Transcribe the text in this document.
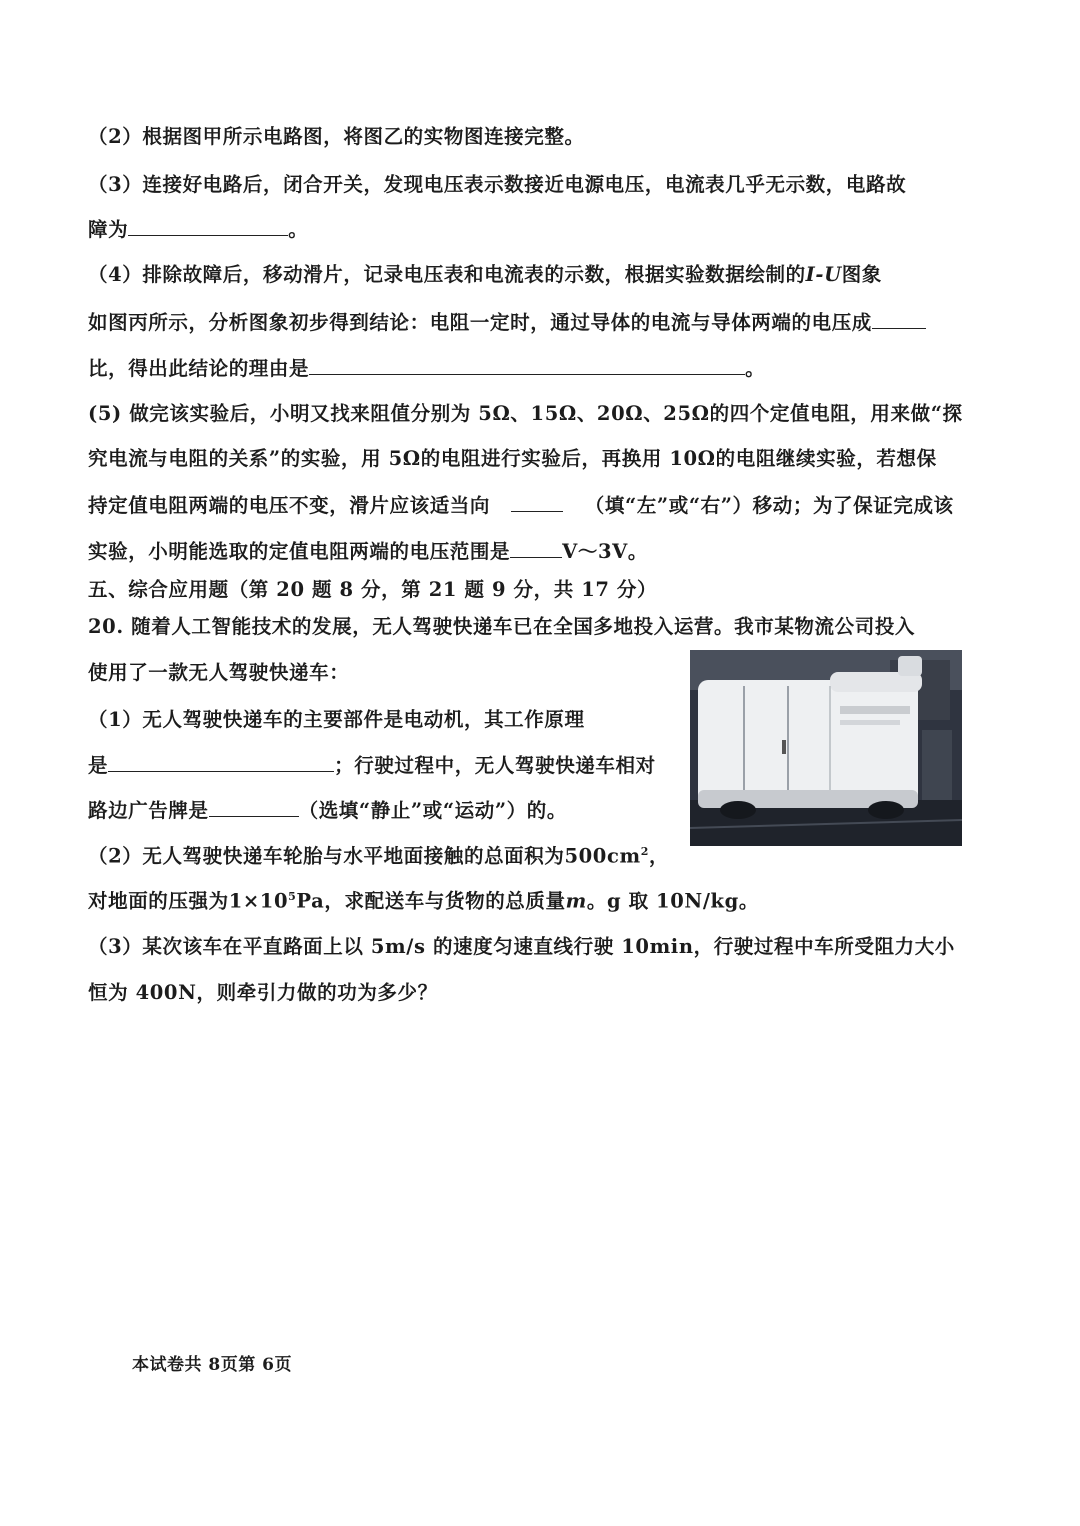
（2）根据图甲所示电路图，将图乙的实物图连接完整。
（3）连接好电路后，闭合开关，发现电压表示数接近电源电压，电流表几乎无示数，电路故
障为	。
（4）排除故障后，移动滑片，记录电压表和电流表的示数，根据实验数据绘制的I-U图象
如图丙所示，分析图象初步得到结论：电阻一定时，通过导体的电流与导体两端的电压成
比，得出此结论的理由是	。
(5) 做完该实验后，小明又找来阻值分别为 5Ω、15Ω、20Ω、25Ω的四个定值电阻，用来做“探
究电流与电阻的关系”的实验，用 5Ω的电阻进行实验后，再换用 10Ω的电阻继续实验，若想保
持定值电阻两端的电压不变，滑片应该适当向	（填“左”或“右”）移动；为了保证完成该
实验，小明能选取的定值电阻两端的电压范围是	V～3V。
五、综合应用题（第 20 题 8 分，第 21 题 9 分，共 17 分）
20. 随着人工智能技术的发展，无人驾驶快递车已在全国多地投入运营。我市某物流公司投入
使用了一款无人驾驶快递车：
（1）无人驾驶快递车的主要部件是电动机，其工作原理
是	；行驶过程中，无人驾驶快递车相对
路边广告牌是	（选填“静止”或“运动”）的。
（2）无人驾驶快递车轮胎与水平地面接触的总面积为$500cm^2$，
对地面的压强为$1\times 10^5Pa$，求配送车与货物的总质量m。g 取 10N/kg。
（3）某次该车在平直路面上以 5m/s 的速度匀速直线行驶 10min，行驶过程中车所受阻力大小
恒为 400N，则牵引力做的功为多少？
本试卷共 8页第 6页
